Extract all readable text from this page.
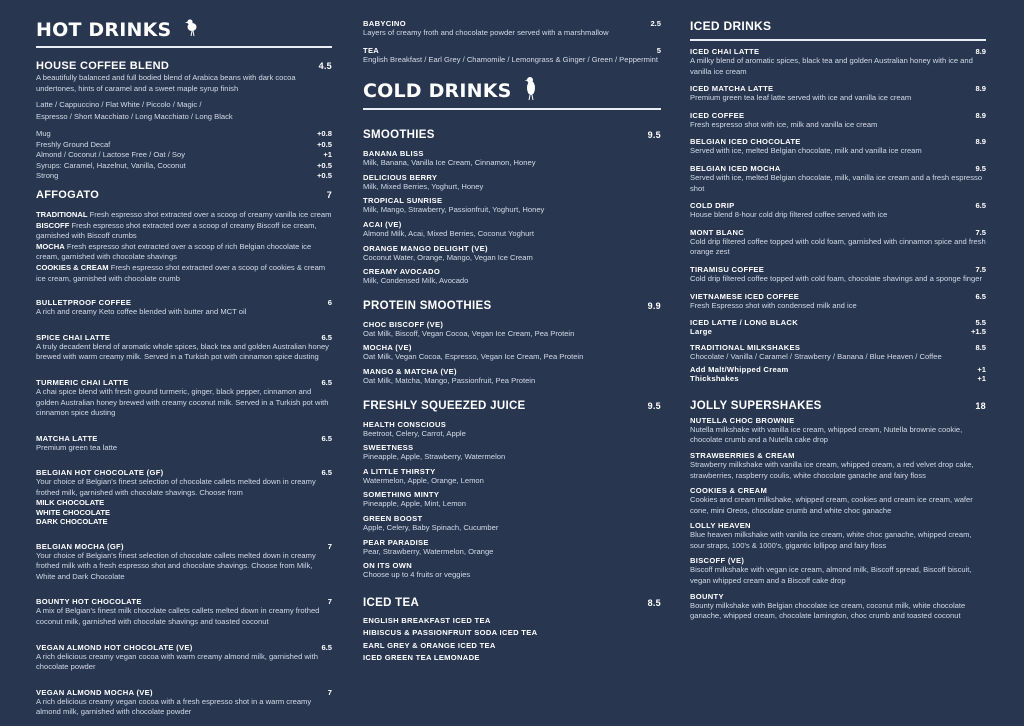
HOT DRINKS
HOUSE COFFEE BLEND	4.5
A beautifully balanced and full bodied blend of Arabica beans with dark cocoa undertones, hints of caramel and a sweet maple syrup finish
Latte / Cappuccino / Flat White / Piccolo / Magic /
Espresso / Short Macchiato / Long Macchiato / Long Black
Mug	+0.8
Freshly Ground Decaf	+0.5
Almond / Coconut / Lactose Free / Oat / Soy	+1
Syrups: Caramel, Hazelnut, Vanilla, Coconut	+0.5
Strong	+0.5
AFFOGATO	7
TRADITIONAL Fresh espresso shot extracted over a scoop of creamy vanilla ice cream
BISCOFF Fresh espresso shot extracted over a scoop of creamy Biscoff ice cream, garnished with Biscoff crumbs
MOCHA Fresh espresso shot extracted over a scoop of rich Belgian chocolate ice cream, garnished with chocolate shavings
COOKIES & CREAM Fresh espresso shot extracted over a scoop of cookies & cream ice cream, garnished with chocolate crumb
BULLETPROOF COFFEE	6
A rich and creamy Keto coffee blended with butter and MCT oil
SPICE CHAI LATTE	6.5
A truly decadent blend of aromatic whole spices, black tea and golden Australian honey brewed with warm creamy milk. Served in a Turkish pot with cinnamon spice dusting
TURMERIC CHAI LATTE	6.5
A chai spice blend with fresh ground turmeric, ginger, black pepper, cinnamon and golden Australian honey brewed with creamy coconut milk. Served in a Turkish pot with cinnamon spice dusting
MATCHA LATTE	6.5
Premium green tea latte
BELGIAN HOT CHOCOLATE (GF)	6.5
Your choice of Belgian's finest selection of chocolate callets melted down in creamy frothed milk, garnished with chocolate shavings. Choose from
MILK CHOCOLATE
WHITE CHOCOLATE
DARK CHOCOLATE
BELGIAN MOCHA (GF)	7
Your choice of Belgian's finest selection of chocolate callets melted down in creamy frothed milk with a fresh espresso shot and chocolate shavings. Choose from Milk, White and Dark Chocolate
BOUNTY HOT CHOCOLATE	7
A mix of Belgian's finest milk chocolate callets callets melted down in creamy frothed coconut milk, garnished with chocolate shavings and toasted coconut
VEGAN ALMOND HOT CHOCOLATE (VE)	6.5
A rich delicious creamy vegan cocoa with warm creamy almond milk, garnished with chocolate powder
VEGAN ALMOND MOCHA (VE)	7
A rich delicious creamy vegan cocoa with a fresh espresso shot in a warm creamy almond milk, garnished with chocolate powder
BABYCINO	2.5
Layers of creamy froth and chocolate powder served with a marshmallow
TEA	5
English Breakfast / Earl Grey / Chamomile / Lemongrass & Ginger / Green / Peppermint
COLD DRINKS
SMOOTHIES	9.5
BANANA BLISS
Milk, Banana, Vanilla Ice Cream, Cinnamon, Honey
DELICIOUS BERRY
Milk, Mixed Berries, Yoghurt, Honey
TROPICAL SUNRISE
Milk, Mango, Strawberry, Passionfruit, Yoghurt, Honey
ACAI (VE)
Almond Milk, Acai, Mixed Berries, Coconut Yoghurt
ORANGE MANGO DELIGHT (VE)
Coconut Water, Orange, Mango, Vegan Ice Cream
CREAMY AVOCADO
Milk, Condensed Milk, Avocado
PROTEIN SMOOTHIES	9.9
CHOC BISCOFF (VE)
Oat Milk, Biscoff, Vegan Cocoa, Vegan Ice Cream, Pea Protein
MOCHA (VE)
Oat Milk, Vegan Cocoa, Espresso, Vegan Ice Cream, Pea Protein
MANGO & MATCHA (VE)
Oat Milk, Matcha, Mango, Passionfruit, Pea Protein
FRESHLY SQUEEZED JUICE	9.5
HEALTH CONSCIOUS
Beetroot, Celery, Carrot, Apple
SWEETNESS
Pineapple, Apple, Strawberry, Watermelon
A LITTLE THIRSTY
Watermelon, Apple, Orange, Lemon
SOMETHING MINTY
Pineapple, Apple, Mint, Lemon
GREEN BOOST
Apple, Celery, Baby Spinach, Cucumber
PEAR PARADISE
Pear, Strawberry, Watermelon, Orange
ON ITS OWN
Choose up to 4 fruits or veggies
ICED TEA	8.5
ENGLISH BREAKFAST ICED TEA
HIBISCUS & PASSIONFRUIT SODA ICED TEA
EARL GREY & ORANGE ICED TEA
ICED GREEN TEA LEMONADE
ICED DRINKS
ICED CHAI LATTE	8.9
A milky blend of aromatic spices, black tea and golden Australian honey with ice and vanilla ice cream
ICED MATCHA LATTE	8.9
Premium green tea leaf latte served with ice and vanilla ice cream
ICED COFFEE	8.9
Fresh espresso shot with ice, milk and vanilla ice cream
BELGIAN ICED CHOCOLATE	8.9
Served with ice, melted Belgian chocolate, milk and vanilla ice cream
BELGIAN ICED MOCHA	9.5
Served with ice, melted Belgian chocolate, milk, vanilla ice cream and a fresh espresso shot
COLD DRIP	6.5
House blend 8-hour cold drip filtered coffee served with ice
MONT BLANC	7.5
Cold drip filtered coffee topped with cold foam, garnished with cinnamon spice and fresh orange zest
TIRAMISU COFFEE	7.5
Cold drip filtered coffee topped with cold foam, chocolate shavings and a sponge finger
VIETNAMESE ICED COFFEE	6.5
Fresh Espresso shot with condensed milk and ice
ICED LATTE / LONG BLACK	5.5
Large	+1.5
TRADITIONAL MILKSHAKES	8.5
Chocolate / Vanilla / Caramel / Strawberry / Banana / Blue Heaven / Coffee
Add Malt/Whipped Cream	+1
Thickshakes	+1
JOLLY SUPERSHAKES	18
NUTELLA CHOC BROWNIE
Nutella milkshake with vanilla ice cream, whipped cream, Nutella brownie cookie, chocolate crumb and a Nutella cake drop
STRAWBERRIES & CREAM
Strawberry milkshake with vanilla ice cream, whipped cream, a red velvet drop cake, strawberries, raspberry coulis, white chocolate ganache and fairy floss
COOKIES & CREAM
Cookies and cream milkshake, whipped cream, cookies and cream ice cream, wafer cone, mini Oreos, chocolate crumb and white choc ganache
LOLLY HEAVEN
Blue heaven milkshake with vanilla ice cream, white choc ganache, whipped cream, sour straps, 100's & 1000's, gigantic lollipop and fairy floss
BISCOFF (VE)
Biscoff milkshake with vegan ice cream, almond milk, Biscoff spread, Biscoff biscuit, vegan whipped cream and a Biscoff cake drop
BOUNTY
Bounty milkshake with Belgian chocolate ice cream, coconut milk, white chocolate ganache, whipped cream, chocolate lamington, choc crumb and toasted coconut
